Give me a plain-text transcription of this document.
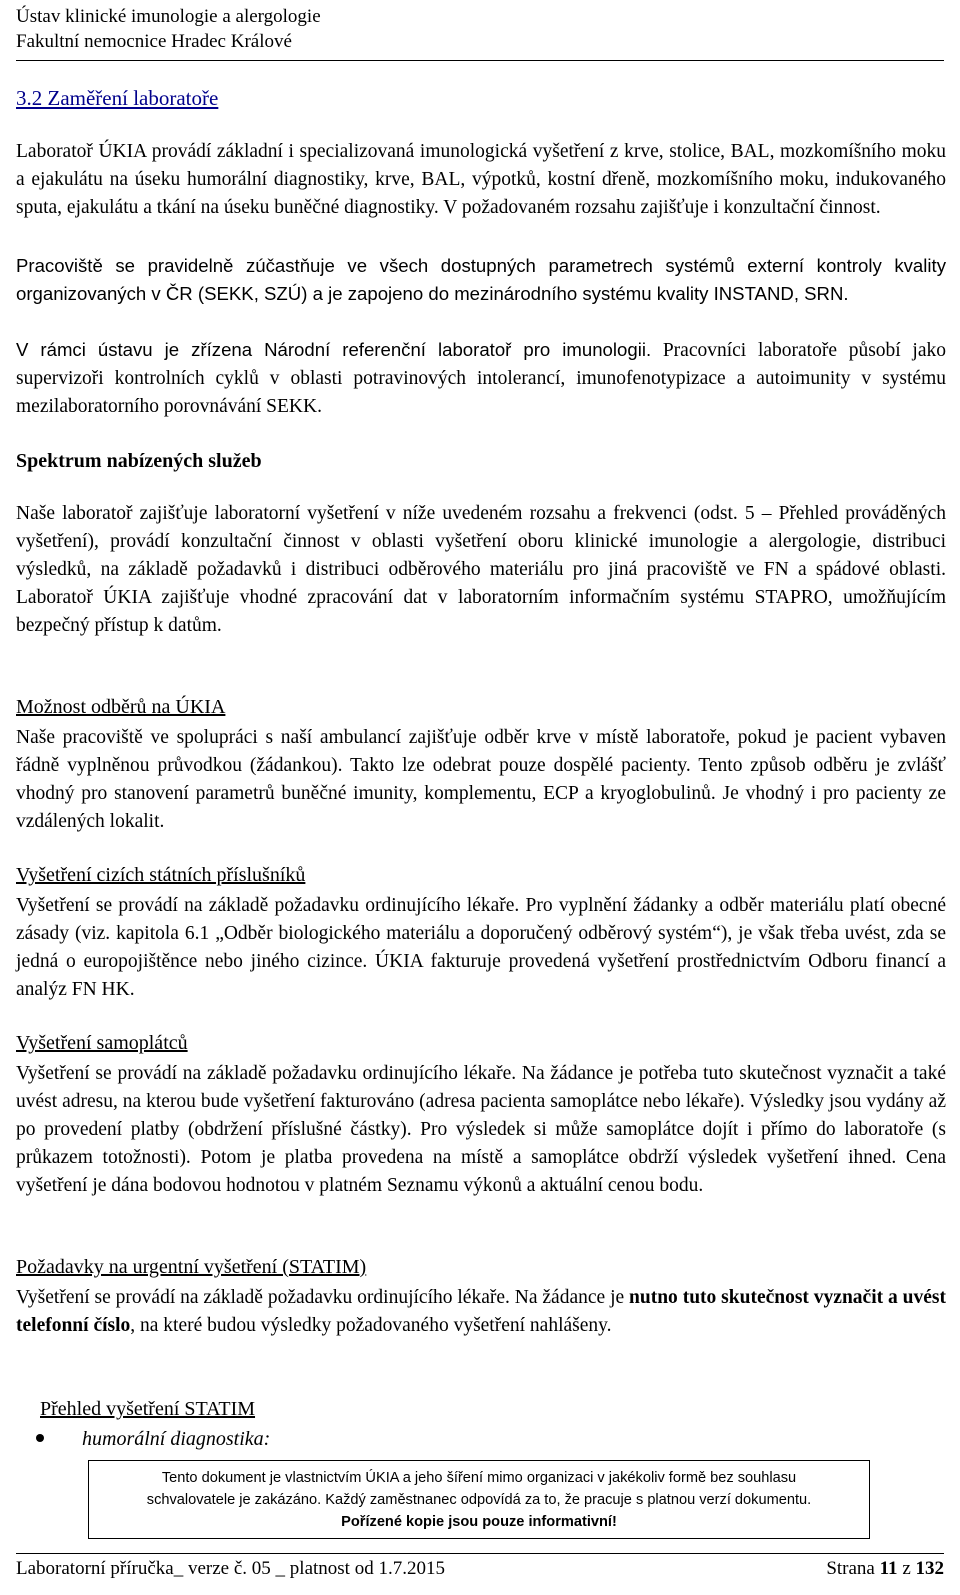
Ústav klinické imunologie a alergologie
Fakultní nemocnice Hradec Králové
3.2 Zaměření laboratoře

Laboratoř ÚKIA provádí základní i specializovaná imunologická vyšetření z krve, stolice, BAL, mozkomíšního moku a ejakulátu na úseku humorální diagnostiky, krve, BAL, výpotků, kostní dřeně, mozkomíšního moku, indukovaného sputa, ejakulátu a tkání na úseku buněčné diagnostiky. V požadovaném rozsahu zajišťuje i konzultační činnost.

Pracoviště se pravidelně zúčastňuje ve všech dostupných parametrech systémů externí kontroly kvality organizovaných v ČR (SEKK, SZÚ) a je zapojeno do mezinárodního systému kvality INSTAND, SRN.

V rámci ústavu je zřízena Národní referenční laboratoř pro imunologii. Pracovníci laboratoře působí jako supervizoři kontrolních cyklů v oblasti potravinových intolerancí, imunofenotypizace a autoimunity v systému mezilaboratorního porovnávání SEKK.

Spektrum nabízených služeb

Naše laboratoř zajišťuje laboratorní vyšetření v níže uvedeném rozsahu a frekvenci (odst. 5 – Přehled prováděných vyšetření), provádí konzultační činnost v oblasti vyšetření oboru klinické imunologie a alergologie, distribuci výsledků, na základě požadavků i distribuci odběrového materiálu pro jiná pracoviště ve FN a spádové oblasti. Laboratoř ÚKIA zajišťuje vhodné zpracování dat v laboratorním informačním systému STAPRO, umožňujícím bezpečný přístup k datům.

Možnost odběrů na ÚKIA

Naše pracoviště ve spolupráci s naší ambulancí zajišťuje odběr krve v místě laboratoře, pokud je pacient vybaven řádně vyplněnou průvodkou (žádankou). Takto lze odebrat pouze dospělé pacienty. Tento způsob odběru je zvlášť vhodný pro stanovení parametrů buněčné imunity, komplementu, ECP a kryoglobulinů. Je vhodný i pro pacienty ze vzdálených lokalit.

Vyšetření cizích státních příslušníků

Vyšetření se provádí na základě požadavku ordinujícího lékaře. Pro vyplnění žádanky a odběr materiálu platí obecné zásady (viz. kapitola 6.1 „Odběr biologického materiálu a doporučený odběrový systém“), je však třeba uvést, zda se jedná o europojištěnce nebo jiného cizince. ÚKIA fakturuje provedená vyšetření prostřednictvím Odboru financí a analýz FN HK.

Vyšetření samoplátců

Vyšetření se provádí na základě požadavku ordinujícího lékaře. Na žádance je potřeba tuto skutečnost vyznačit a také uvést adresu, na kterou bude vyšetření fakturováno (adresa pacienta samoplátce nebo lékaře). Výsledky jsou vydány až po provedení platby (obdržení příslušné částky). Pro výsledek si může samoplátce dojít i přímo do laboratoře (s průkazem totožnosti). Potom je platba provedena na místě a samoplátce obdrží výsledek vyšetření ihned. Cena vyšetření je dána bodovou hodnotou v platném Seznamu výkonů a aktuální cenou bodu.

Požadavky na urgentní vyšetření (STATIM)

Vyšetření se provádí na základě požadavku ordinujícího lékaře. Na žádance je nutno tuto skutečnost vyznačit a uvést telefonní číslo, na které budou výsledky požadovaného vyšetření nahlášeny.

Přehled vyšetření STATIM
humorální diagnostika:
Tento dokument je vlastnictvím ÚKIA a jeho šíření mimo organizaci v jakékoliv formě bez souhlasu
schvalovatele je zakázáno. Každý zaměstnanec odpovídá za to, že pracuje s platnou verzí dokumentu.
Pořízené kopie jsou pouze informativní!
Laboratorní příručka_ verze č. 05 _ platnost od 1.7.2015	Strana 11 z 132
